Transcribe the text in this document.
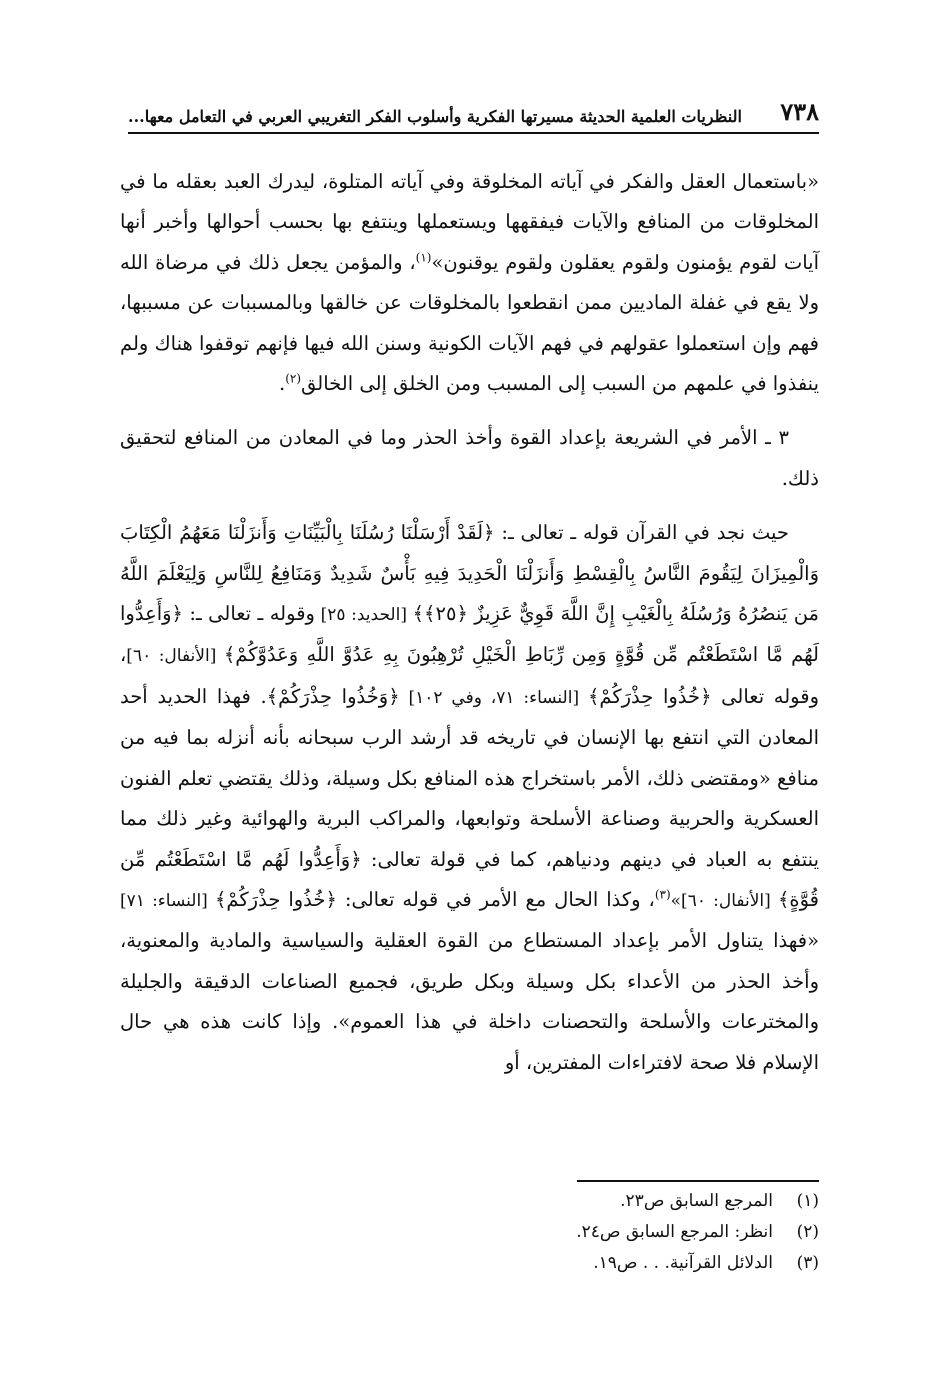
٧٣٨
النظريات العلمية الحديثة مسيرتها الفكرية وأسلوب الفكر التغريبي العربي في التعامل معها...

«باستعمال العقل والفكر في آياته المخلوقة وفي آياته المتلوة، ليدرك العبد بعقله ما في المخلوقات من المنافع والآيات فيفقهها ويستعملها وينتفع بها بحسب أحوالها وأخبر أنها آيات لقوم يؤمنون ولقوم يعقلون ولقوم يوقنون»$^{(١)}$، والمؤمن يجعل ذلك في مرضاة الله ولا يقع في غفلة الماديين ممن انقطعوا بالمخلوقات عن خالقها وبالمسببات عن مسببها، فهم وإن استعملوا عقولهم في فهم الآيات الكونية وسنن الله فيها فإنهم توقفوا هناك ولم ينفذوا في علمهم من السبب إلى المسبب ومن الخلق إلى الخالق$^{(٢)}$.

٣ ـ الأمر في الشريعة بإعداد القوة وأخذ الحذر وما في المعادن من المنافع لتحقيق ذلك.

حيث نجد في القرآن قوله ـ تعالى ـ: ﴿لَقَدْ أَرْسَلْنَا رُسُلَنَا بِالْبَيِّنَاتِ وَأَنزَلْنَا مَعَهُمُ الْكِتَابَ وَالْمِيزَانَ لِيَقُومَ النَّاسُ بِالْقِسْطِ وَأَنزَلْنَا الْحَدِيدَ فِيهِ بَأْسٌ شَدِيدٌ وَمَنَافِعُ لِلنَّاسِ وَلِيَعْلَمَ اللَّهُ مَن يَنصُرُهُ وَرُسُلَهُ بِالْغَيْبِ إِنَّ اللَّهَ قَوِيٌّ عَزِيزٌ ﴿٢٥﴾﴾ [الحديد: ٢٥] وقوله ـ تعالى ـ: ﴿وَأَعِدُّوا لَهُم مَّا اسْتَطَعْتُم مِّن قُوَّةٍ وَمِن رِّبَاطِ الْخَيْلِ تُرْهِبُونَ بِهِ عَدُوَّ اللَّهِ وَعَدُوَّكُمْ﴾ [الأنفال: ٦٠]، وقوله تعالى ﴿خُذُوا حِذْرَكُمْ﴾ [النساء: ٧١، وفي ١٠٢] ﴿وَخُذُوا حِذْرَكُمْ﴾. فهذا الحديد أحد المعادن التي انتفع بها الإنسان في تاريخه قد أرشد الرب سبحانه بأنه أنزله بما فيه من منافع «ومقتضى ذلك، الأمر باستخراج هذه المنافع بكل وسيلة، وذلك يقتضي تعلم الفنون العسكرية والحربية وصناعة الأسلحة وتوابعها، والمراكب البرية والهوائية وغير ذلك مما ينتفع به العباد في دينهم ودنياهم، كما في قولة تعالى: ﴿وَأَعِدُّوا لَهُم مَّا اسْتَطَعْتُم مِّن قُوَّةٍ﴾ [الأنفال: ٦٠]»$^{(٣)}$، وكذا الحال مع الأمر في قوله تعالى: ﴿خُذُوا حِذْرَكُمْ﴾ [النساء: ٧١] «فهذا يتناول الأمر بإعداد المستطاع من القوة العقلية والسياسية والمادية والمعنوية، وأخذ الحذر من الأعداء بكل وسيلة وبكل طريق، فجميع الصناعات الدقيقة والجليلة والمخترعات والأسلحة والتحصنات داخلة في هذا العموم». وإذا كانت هذه هي حال الإسلام فلا صحة لافتراءات المفترين، أو

(١)
المرجع السابق ص٢٣.
(٢)
انظر: المرجع السابق ص٢٤.
(٣)
الدلائل القرآنية. . . ص١٩.
